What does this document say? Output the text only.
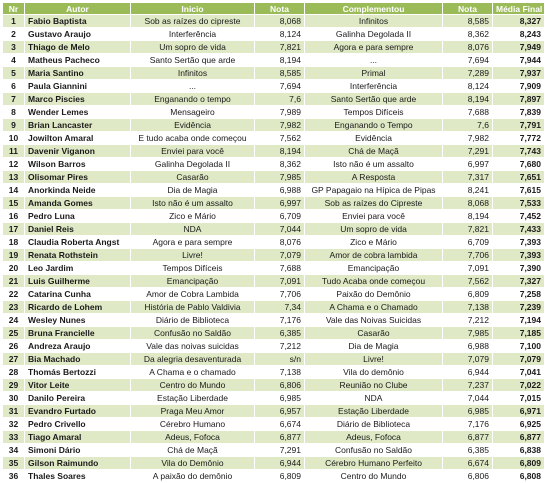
Nr	Autor	Inicio	Nota	Complementou	Nota	Média Final
1	Fabio Baptista	Sob as raízes do cipreste	8,068	Infinitos	8,585	8,327
2	Gustavo Araujo	Interferência	8,124	Galinha Degolada II	8,362	8,243
3	Thiago de Melo	Um sopro de vida	7,821	Agora e para sempre	8,076	7,949
4	Matheus Pacheco	Santo Sertão que arde	8,194	...	7,694	7,944
5	Maria Santino	Infinitos	8,585	Primal	7,289	7,937
6	Paula Giannini	...	7,694	Interferência	8,124	7,909
7	Marco Piscies	Enganando o tempo	7,6	Santo Sertão que arde	8,194	7,897
8	Wender Lemes	Mensageiro	7,989	Tempos Difíceis	7,688	7,839
9	Brian Lancaster	Evidência	7,982	Enganando o Tempo	7,6	7,791
10	Jowilton Amaral	E tudo acaba onde começou	7,562	Evidência	7,982	7,772
11	Davenir Viganon	Enviei para você	8,194	Chá de Maçã	7,291	7,743
12	Wilson Barros	Galinha Degolada II	8,362	Isto não é um assalto	6,997	7,680
13	Olisomar Pires	Casarão	7,985	A Resposta	7,317	7,651
14	Anorkinda Neide	Dia de Magia	6,988	GP Papagaio na Hípica de Pipas	8,241	7,615
15	Amanda Gomes	Isto não é um assalto	6,997	Sob as raízes do Cipreste	8,068	7,533
16	Pedro Luna	Zico e Mário	6,709	Enviei para você	8,194	7,452
17	Daniel Reis	NDA	7,044	Um sopro de vida	7,821	7,433
18	Claudia Roberta Angst	Agora e para sempre	8,076	Zico e Mário	6,709	7,393
19	Renata Rothstein	Livre!	7,079	Amor de cobra lambida	7,706	7,393
20	Leo Jardim	Tempos Difíceis	7,688	Emancipação	7,091	7,390
21	Luis Guilherme	Emancipação	7,091	Tudo Acaba onde começou	7,562	7,327
22	Catarina Cunha	Amor de Cobra Lambida	7,706	Paixão do Demônio	6,809	7,258
23	Ricardo de Lohem	História de Pablo Valdivia	7,34	A Chama e o Chamado	7,138	7,239
24	Wesley Nunes	Diário de Biblioteca	7,176	Vale das Noivas Suicidas	7,212	7,194
25	Bruna Francielle	Confusão no Saldão	6,385	Casarão	7,985	7,185
26	Andreza Araujo	Vale das noivas suicidas	7,212	Dia de Magia	6,988	7,100
27	Bia Machado	Da alegria desaventurada	s/n	Livre!	7,079	7,079
28	Thomás Bertozzi	A Chama e o chamado	7,138	Vila do demônio	6,944	7,041
29	Vitor Leite	Centro do Mundo	6,806	Reunião no Clube	7,237	7,022
30	Danilo Pereira	Estação Liberdade	6,985	NDA	7,044	7,015
31	Evandro Furtado	Praga Meu Amor	6,957	Estação Liberdade	6,985	6,971
32	Pedro Crivello	Cérebro Humano	6,674	Diário de Biblioteca	7,176	6,925
33	Tiago Amaral	Adeus, Fofoca	6,877	Adeus, Fofoca	6,877	6,877
34	Simoni Dário	Chá de Maçã	7,291	Confusão no Saldão	6,385	6,838
35	Gilson Raimundo	Vila do Demônio	6,944	Cérebro Humano Perfeito	6,674	6,809
36	Thales Soares	A paixão do demônio	6,809	Centro do Mundo	6,806	6,808
